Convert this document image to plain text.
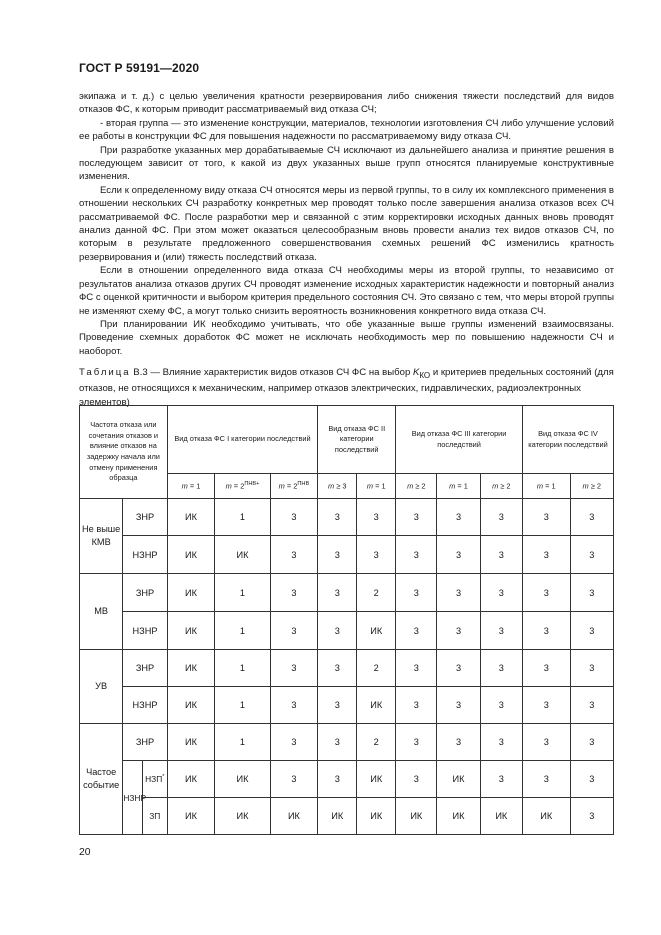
ГОСТ Р 59191—2020

экипажа и т. д.) с целью увеличения кратности резервирования либо снижения тяжести последствий для видов отказов ФС, к которым приводит рассматриваемый вид отказа СЧ;

- вторая группа — это изменение конструкции, материалов, технологии изготовления СЧ либо улучшение условий ее работы в конструкции ФС для повышения надежности по рассматриваемому виду отказа СЧ.

При разработке указанных мер дорабатываемые СЧ исключают из дальнейшего анализа и принятие решения в последующем зависит от того, к какой из двух указанных выше групп относятся планируемые конструктивные изменения.

Если к определенному виду отказа СЧ относятся меры из первой группы, то в силу их комплексного применения в отношении нескольких СЧ разработку конкретных мер проводят только после завершения анализа отказов всех СЧ рассматриваемой ФС. После разработки мер и связанной с этим корректировки исходных данных вновь проводят анализ данной ФС. При этом может оказаться целесообразным вновь провести анализ тех видов отказов СЧ, по которым в результате предложенного совершенствования схемных решений ФС изменились кратность резервирования и (или) тяжесть последствий отказа.

Если в отношении определенного вида отказа СЧ необходимы меры из второй группы, то независимо от результатов анализа отказов других СЧ проводят изменение исходных характеристик надежности и повторный анализ ФС с оценкой критичности и выбором критерия предельного состояния СЧ. Это связано с тем, что меры второй группы не изменяют схему ФС, а могут только снизить вероятность возникновения конкретного вида отказа СЧ.

При планировании ИК необходимо учитывать, что обе указанные выше группы изменений взаимосвязаны. Проведение схемных доработок ФС может не исключать необходимость мер по повышению надежности СЧ и наоборот.

Таблица В.3 — Влияние характеристик видов отказов СЧ ФС на выбор $K_{КО}$ и критериев предельных состояний (для отказов, не относящихся к механическим, например отказов электрических, гидравлических, радиоэлектронных элементов)
Частота отказа или сочетания отказов и влияние отказов на задержку начала или отмену применения образца			Вид отказа ФС I категории последствий			Вид отказа ФС II категории последствий		Вид отказа ФС III категории последствий			Вид отказа ФС IV категории последствий	
			m = 1	$m = 2^{ПНВ+}$	$m = 2^{ПНВ}$	m ≥ 3	m = 1	m ≥ 2	m = 1	m ≥ 2	m = 1	m ≥ 2
Не выше КМВ	ЗНР		ИК	1	3	3	3	3	3	3	3	3
	НЗНР		ИК	ИК	3	3	3	3	3	3	3	3
МВ	ЗНР		ИК	1	3	3	2	3	3	3	3	3
	НЗНР		ИК	1	3	3	ИК	3	3	3	3	3
УВ	ЗНР		ИК	1	3	3	2	3	3	3	3	3
	НЗНР		ИК	1	3	3	ИК	3	3	3	3	3
Частое событие	ЗНР		ИК	1	3	3	2	3	3	3	3	3
	НЗНР	НЗП*	ИК	ИК	3	3	ИК	3	ИК	3	3	3
		ЗП	ИК	ИК	ИК	ИК	ИК	ИК	ИК	ИК	ИК	3
20
